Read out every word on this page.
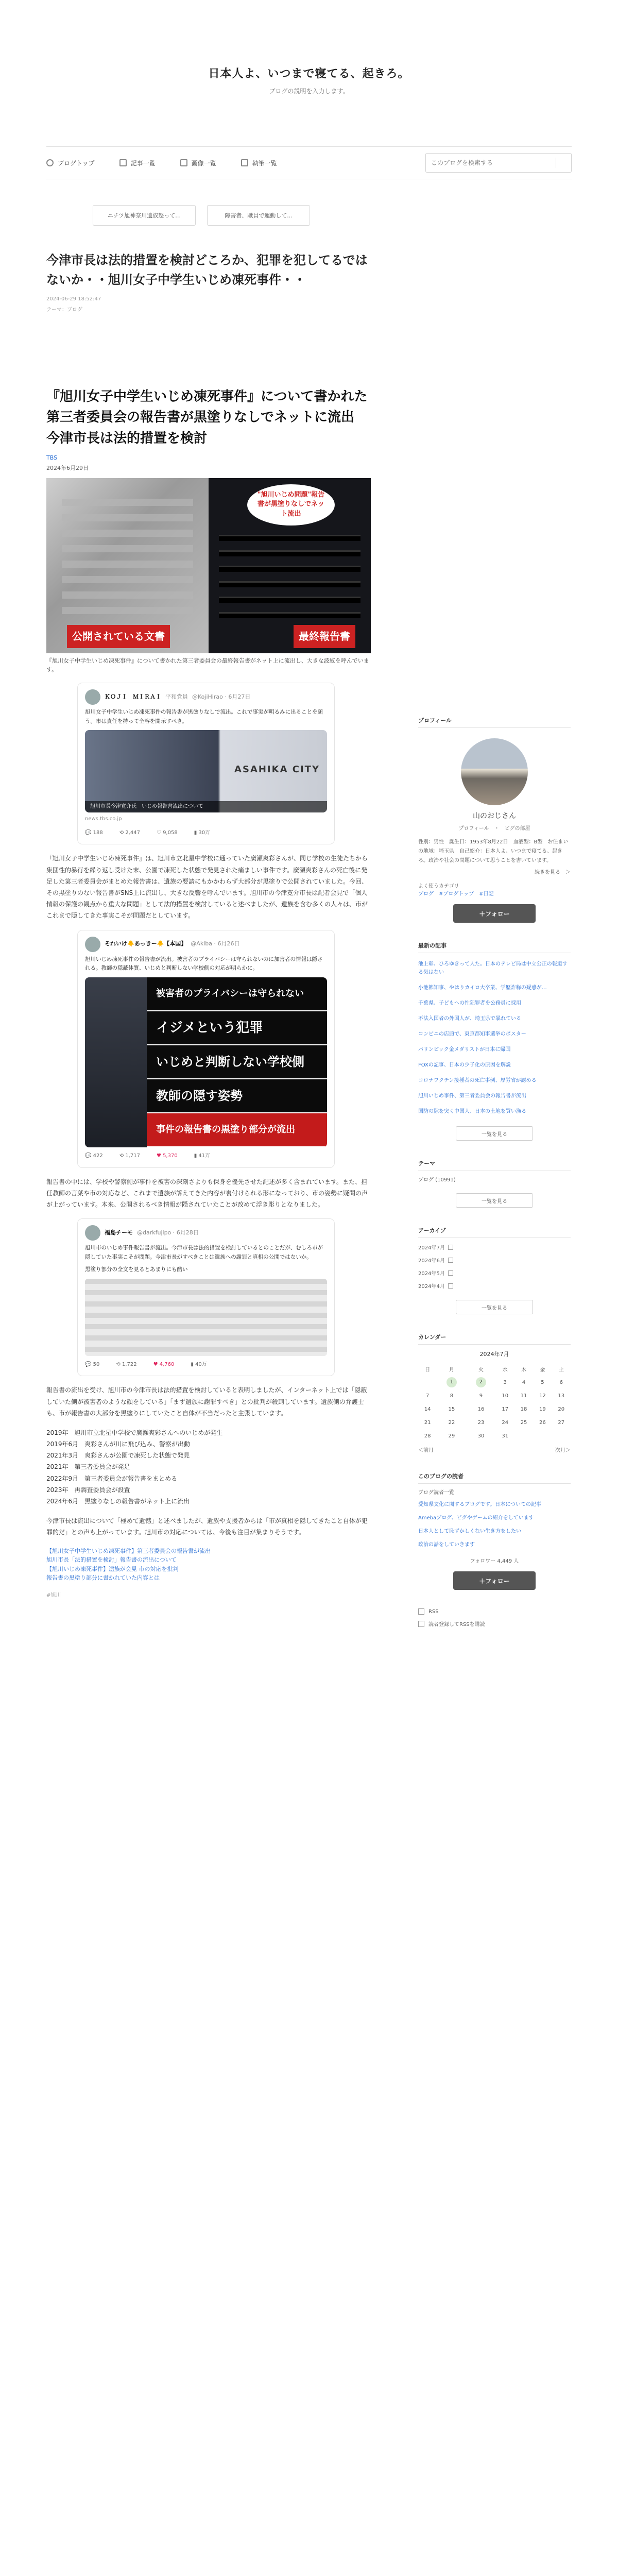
日本人よ、いつまで寝てる、起きろ。
ブログの説明を入力します。
ブログトップ	記事一覧	画像一覧	執筆一覧
このブログを検索する
ニチツ旭神奈川遺族怒って…	障害者、職員で運動して...
今津市長は法的措置を検討どころか、犯罪を犯してるではないか・・旭川女子中学生いじめ凍死事件・・
2024-06-29 18:52:47
テーマ：ブログ
『旭川女子中学生いじめ凍死事件』について書かれた第三者委員会の報告書が黒塗りなしでネットに流出　今津市長は法的措置を検討
TBS
2024年6月29日
公開されている文書	最終報告書
"旭川いじめ問題"報告書が黒塗りなしでネット流出
『旭川女子中学生いじめ凍死事件』について書かれた第三者委員会の最終報告書がネット上に流出し、大きな波紋を呼んでいます。
ＫＯＪＩ　ＭＩＲＡＩ 平和党員 @KojiHirao · 6月27日
旭川女子中学生いじめ凍死事件の報告書が黒塗りなしで流出。これで事実が明るみに出ることを願う。市は責任を持って全容を開示すべき。
ASAHIKA CITY
旭川市長今津寛介氏　いじめ報告書流出について
news.tbs.co.jp
💬 188	⟲ 2,447	♡ 9,058	▮ 30万

『旭川女子中学生いじめ凍死事件』は、旭川市立北星中学校に通っていた廣瀬爽彩さんが、同じ学校の生徒たちから集団性的暴行を繰り返し受けた末、公園で凍死した状態で発見された痛ましい事件です。廣瀬爽彩さんの死亡後に発足した第三者委員会がまとめた報告書は、遺族の要請にもかかわらず大部分が黒塗りで公開されていました。今回、その黒塗りのない報告書がSNS上に流出し、大きな反響を呼んでいます。旭川市の今津寛介市長は記者会見で「個人情報の保護の観点から重大な問題」として法的措置を検討していると述べましたが、遺族を含む多くの人々は、市がこれまで隠してきた事実こそが問題だとしています。

それいけ🐥あっきー🐥【本国】 @Akiba · 6月26日
旭川いじめ凍死事件の報告書が流出。被害者のプライバシーは守られないのに加害者の情報は隠される。教師の隠蔽体質、いじめと判断しない学校側の対応が明らかに。
被害者のプライバシーは守られない
イジメという犯罪
いじめと判断しない学校側
教師の隠す姿勢
事件の報告書の黒塗り部分が流出
💬 422	⟲ 1,717	♥ 5,370	▮ 41万

報告書の中には、学校や警察側が事件を被害の深刻さよりも保身を優先させた記述が多く含まれています。また、担任教師の言葉や市の対応など、これまで遺族が訴えてきた内容が裏付けられる形になっており、市の姿勢に疑問の声が上がっています。本来、公開されるべき情報が隠されていたことが改めて浮き彫りとなりました。

福島チーモ @darkfujipo · 6月28日
旭川市のいじめ事件報告書が流出。今津市長は法的措置を検討しているとのことだが、むしろ市が隠していた事実こそが問題。今津市長がすべきことは遺族への謝罪と真相の公開ではないか。
黒塗り部分の全文を見るとあまりにも酷い
💬 50	⟲ 1,722	♥ 4,760	▮ 40万

報告書の流出を受け、旭川市の今津市長は法的措置を検討していると表明しましたが、インターネット上では「隠蔽していた側が被害者のような顔をしている」「まず遺族に謝罪すべき」との批判が殺到しています。遺族側の弁護士も、市が報告書の大部分を黒塗りにしていたこと自体が不当だったと主張しています。

2019年　旭川市立北星中学校で廣瀬爽彩さんへのいじめが発生

2019年6月　爽彩さんが川に飛び込み、警察が出動

2021年3月　爽彩さんが公園で凍死した状態で発見

2021年　第三者委員会が発足

2022年9月　第三者委員会が報告書をまとめる

2023年　再調査委員会が設置

2024年6月　黒塗りなしの報告書がネット上に流出

今津市長は流出について「極めて遺憾」と述べましたが、遺族や支援者からは「市が真相を隠してきたこと自体が犯罪的だ」との声も上がっています。旭川市の対応については、今後も注目が集まりそうです。

【旭川女子中学生いじめ凍死事件】第三者委員会の報告書が流出
旭川市長「法的措置を検討」報告書の流出について
【旭川いじめ凍死事件】遺族が会見 市の対応を批判
報告書の黒塗り部分に書かれていた内容とは
#旭川
プロフィール
山のおじさん
プロフィール　・　ピグの部屋
性別：男性　誕生日：1953年8月22日　血液型：B型　お住まいの地域：埼玉県　自己紹介：日本人よ、いつまで寝てる、起きろ。政治や社会の問題について思うことを書いています。
続きを見る　＞
よく使うカテゴリ
ブログ　#ブログトップ　#日記
＋フォロー
最新の記事
池上彰、ひろゆきって人た。日本のテレビ局は中立公正の報道する気はない
小池都知事、やはりカイロ大卒業、学歴詐称の疑惑が…
千葉県、子どもへの性犯罪者を公務員に採用
不法入国者の外国人が、埼玉県で暴れている
コンビニの店頭で、東京都知事選挙のポスター
パリンピック金メダリストが日本に帰国
FOXの記事、日本の少子化の原因を解説
コロナワクチン接種者の死亡事例、厚労省が認める
旭川いじめ事件、第三者委員会の報告書が流出
国防の隙を突く中国人、日本の土地を買い漁る
一覧を見る
テーマ
ブログ (10991)
一覧を見る
アーカイブ
2024年7月
2024年6月
2024年5月
2024年4月
一覧を見る
カレンダー
2024年7月
日	月	火	水	木	金	土
	1	2	3	4	5	6
7	8	9	10	11	12	13
14	15	16	17	18	19	20
21	22	23	24	25	26	27
28	29	30	31			
＜前月	次月＞
このブログの読者
ブログ読者一覧
愛知県文化に関するブログです。日本についての記事
Amebaブログ、ピグやゲームの紹介をしています
日本人として恥ずかしくない生き方をしたい
政治の話をしていきます
フォロワー 4,449 人
＋フォロー
RSS
読者登録してRSSを購読
